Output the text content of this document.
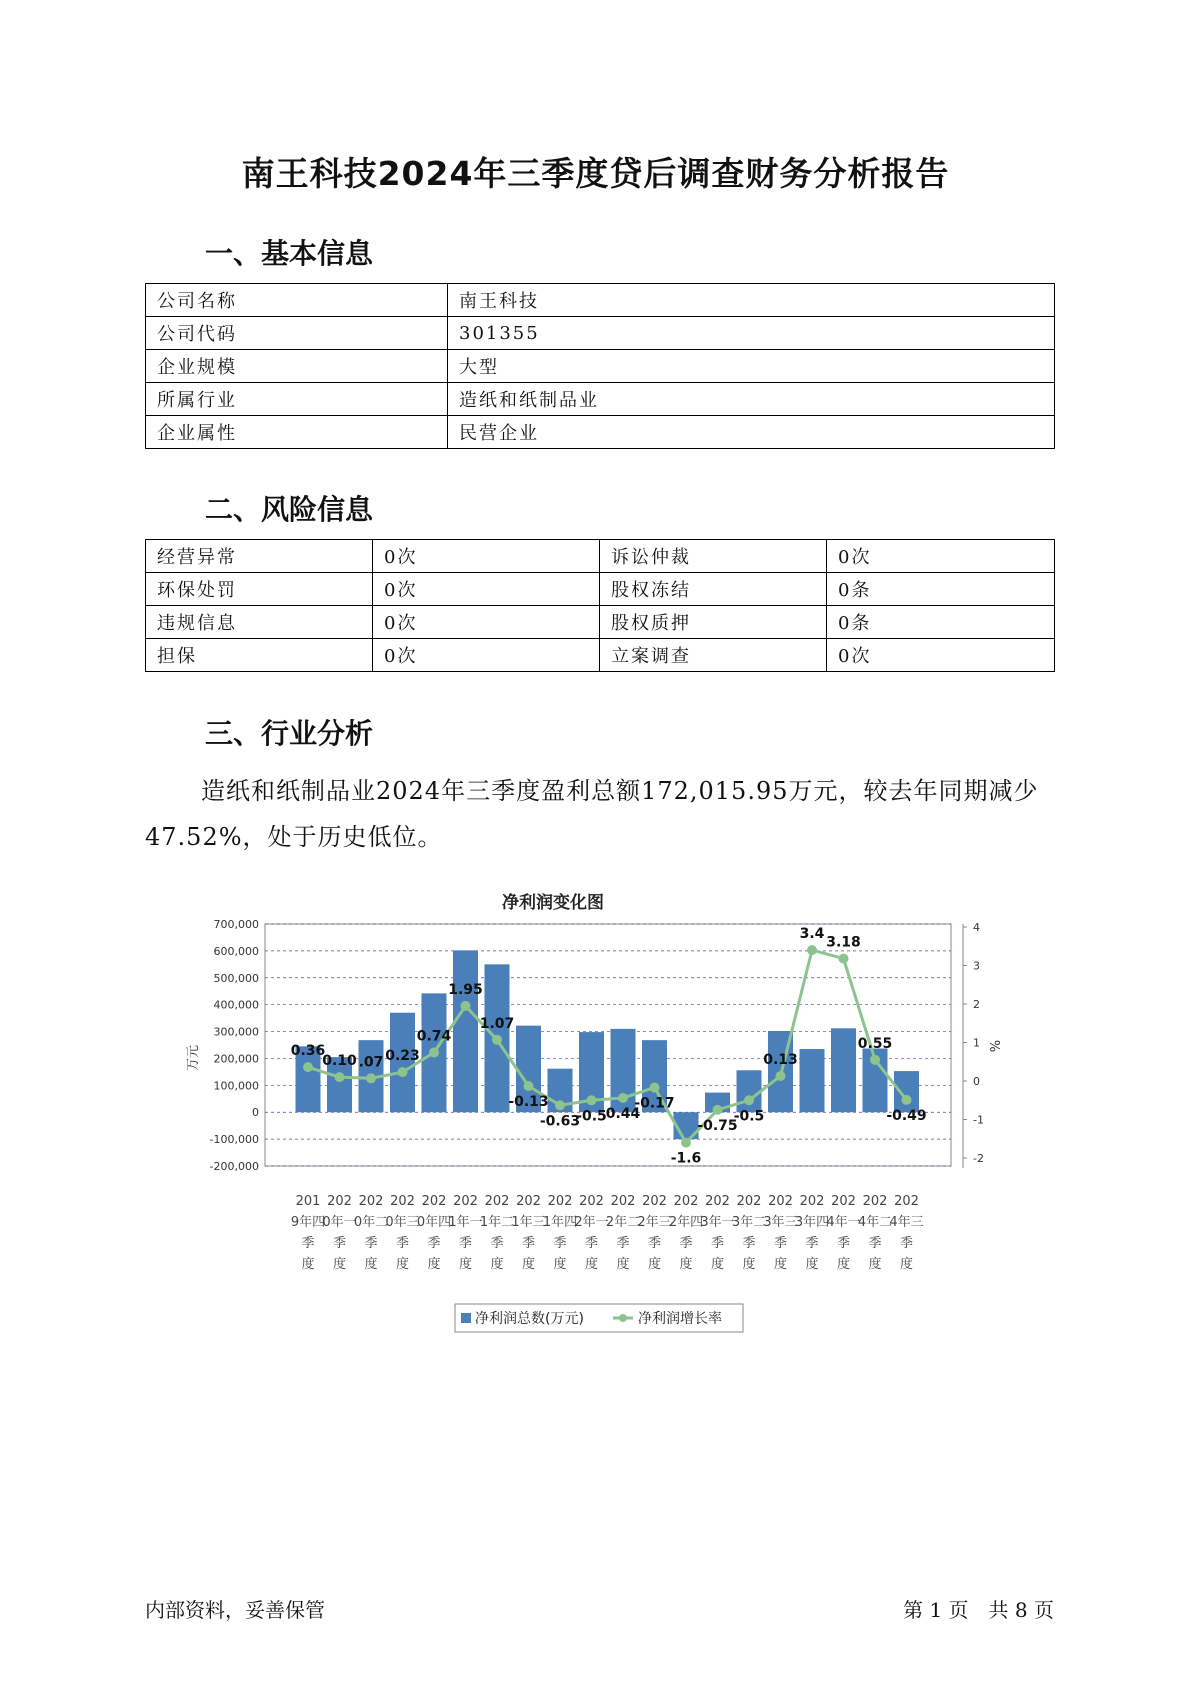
南王科技2024年三季度贷后调查财务分析报告
一、基本信息
公司名称	南王科技
公司代码	301355
企业规模	大型
所属行业	造纸和纸制品业
企业属性	民营企业
二、风险信息
经营异常	0次	诉讼仲裁	0次
环保处罚	0次	股权冻结	0条
违规信息	0次	股权质押	0条
担保	0次	立案调查	0次
三、行业分析
造纸和纸制品业2024年三季度盈利总额172,015.95万元，较去年同期减少47.52%，处于历史低位。
净利润变化图
700,000
600,000
500,000
400,000
300,000
200,000
100,000
0
-100,000
-200,000
4
3
2
1
0
-1
-2
万元	%
201 9年四季度
202 0年一季度
202 0年二季度
202 0年三季度
202 0年四季度
202 1年一季度
202 1年二季度
202 1年三季度
202 1年四季度
202 2年一季度
202 2年二季度
202 2年三季度
202 2年四季度
202 3年一季度
202 3年二季度
202 3年三季度
202 3年四季度
202 4年一季度
202 4年二季度
202 4年三季度
0.36
0.10 .07 0.23
0.74
1.95
1.07
-0.13
-0.63
-0.5
0.44
-0.17
-1.6
-0.75
-0.5
0.13
3.4
3.18
0.55
-0.49
净利润总数(万元)	净利润增长率
内部资料，妥善保管	第 1 页　共 8 页
